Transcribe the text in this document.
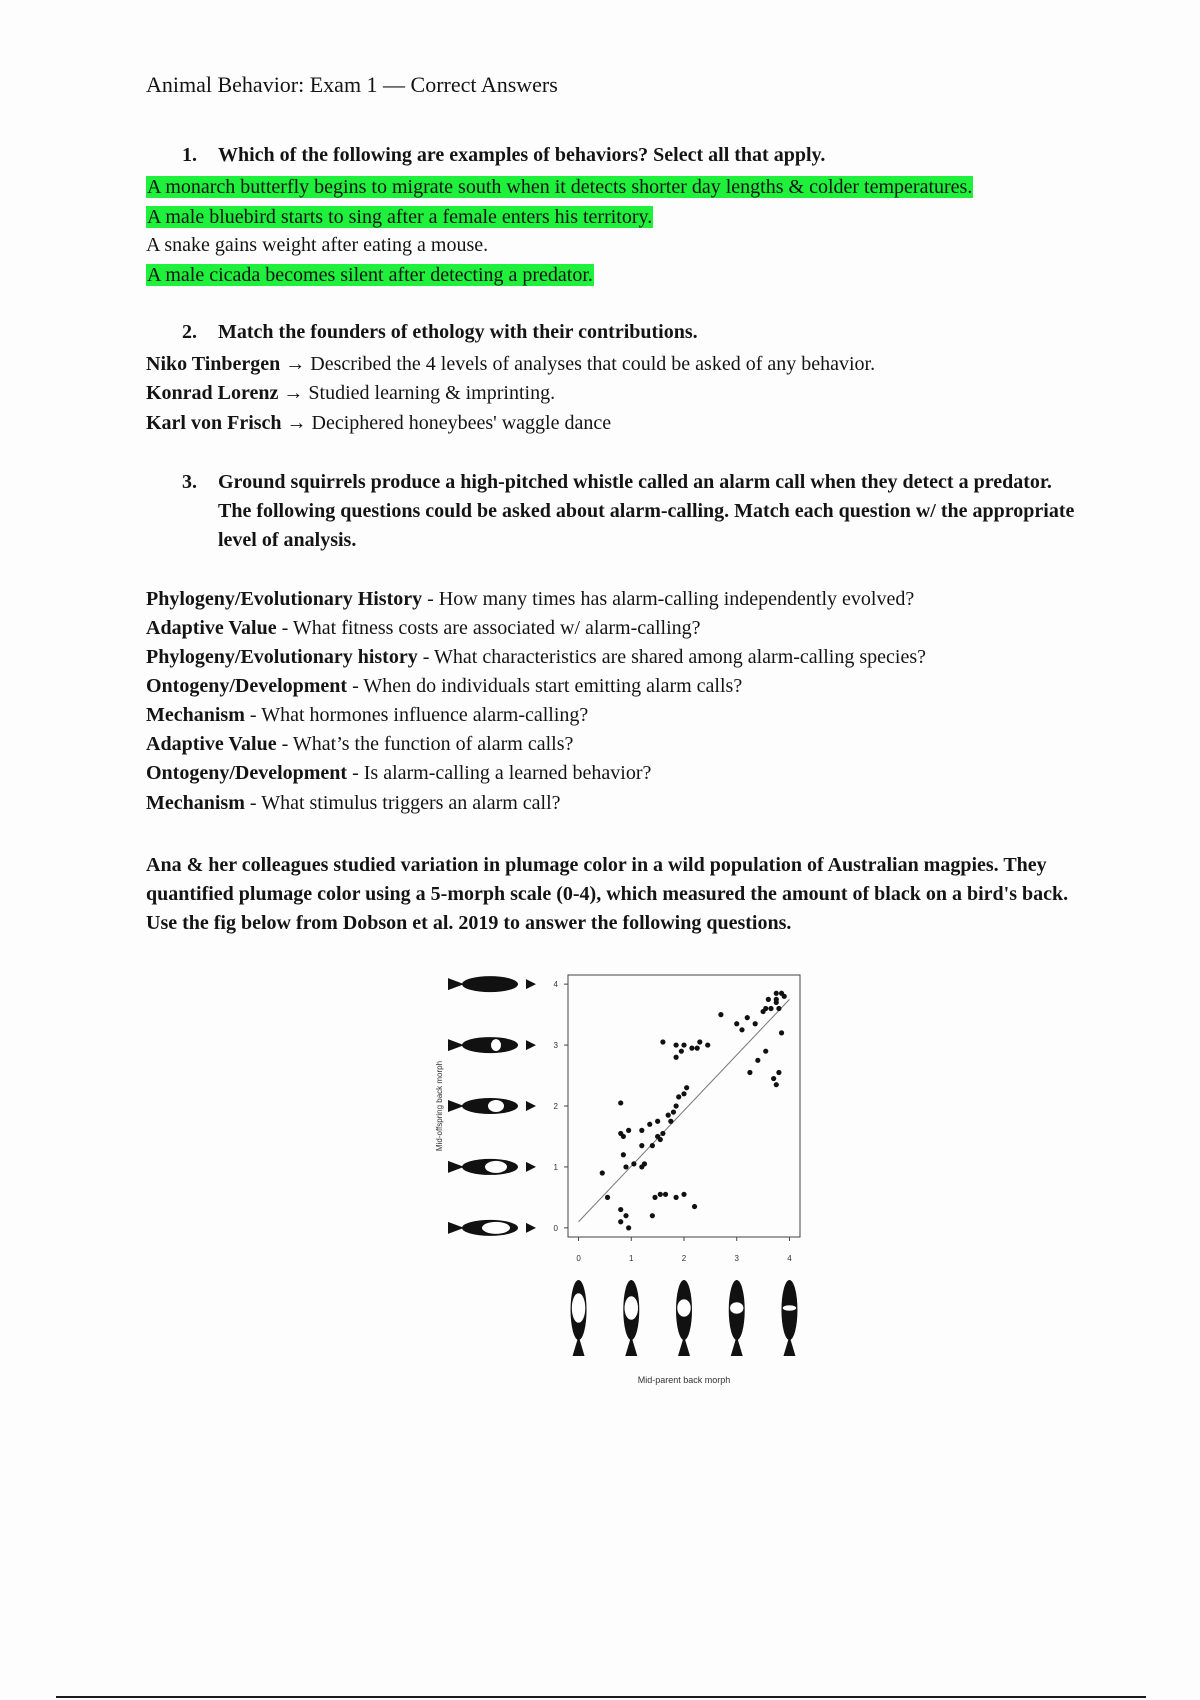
Animal Behavior: Exam 1 — Correct Answers
1. Which of the following are examples of behaviors? Select all that apply.
A monarch butterfly begins to migrate south when it detects shorter day lengths & colder temperatures.
A male bluebird starts to sing after a female enters his territory.
A snake gains weight after eating a mouse.
A male cicada becomes silent after detecting a predator.
2. Match the founders of ethology with their contributions.
Niko Tinbergen → Described the 4 levels of analyses that could be asked of any behavior.
Konrad Lorenz → Studied learning & imprinting.
Karl von Frisch → Deciphered honeybees' waggle dance
3.	Ground squirrels produce a high-pitched whistle called an alarm call when they detect a predator. The following questions could be asked about alarm-calling. Match each question w/ the appropriate level of analysis.
Phylogeny/Evolutionary History - How many times has alarm-calling independently evolved?
Adaptive Value - What fitness costs are associated w/ alarm-calling?
Phylogeny/Evolutionary history - What characteristics are shared among alarm-calling species?
Ontogeny/Development - When do individuals start emitting alarm calls?
Mechanism - What hormones influence alarm-calling?
Adaptive Value - What’s the function of alarm calls?
Ontogeny/Development - Is alarm-calling a learned behavior?
Mechanism - What stimulus triggers an alarm call?
Ana & her colleagues studied variation in plumage color in a wild population of Australian magpies. They quantified plumage color using a 5-morph scale (0-4), which measured the amount of black on a bird's back. Use the fig below from Dobson et al. 2019 to answer the following questions.
0
1
2
3
4
0	1	2	3	4
Mid-parent back morph
Mid-offspring back morph
